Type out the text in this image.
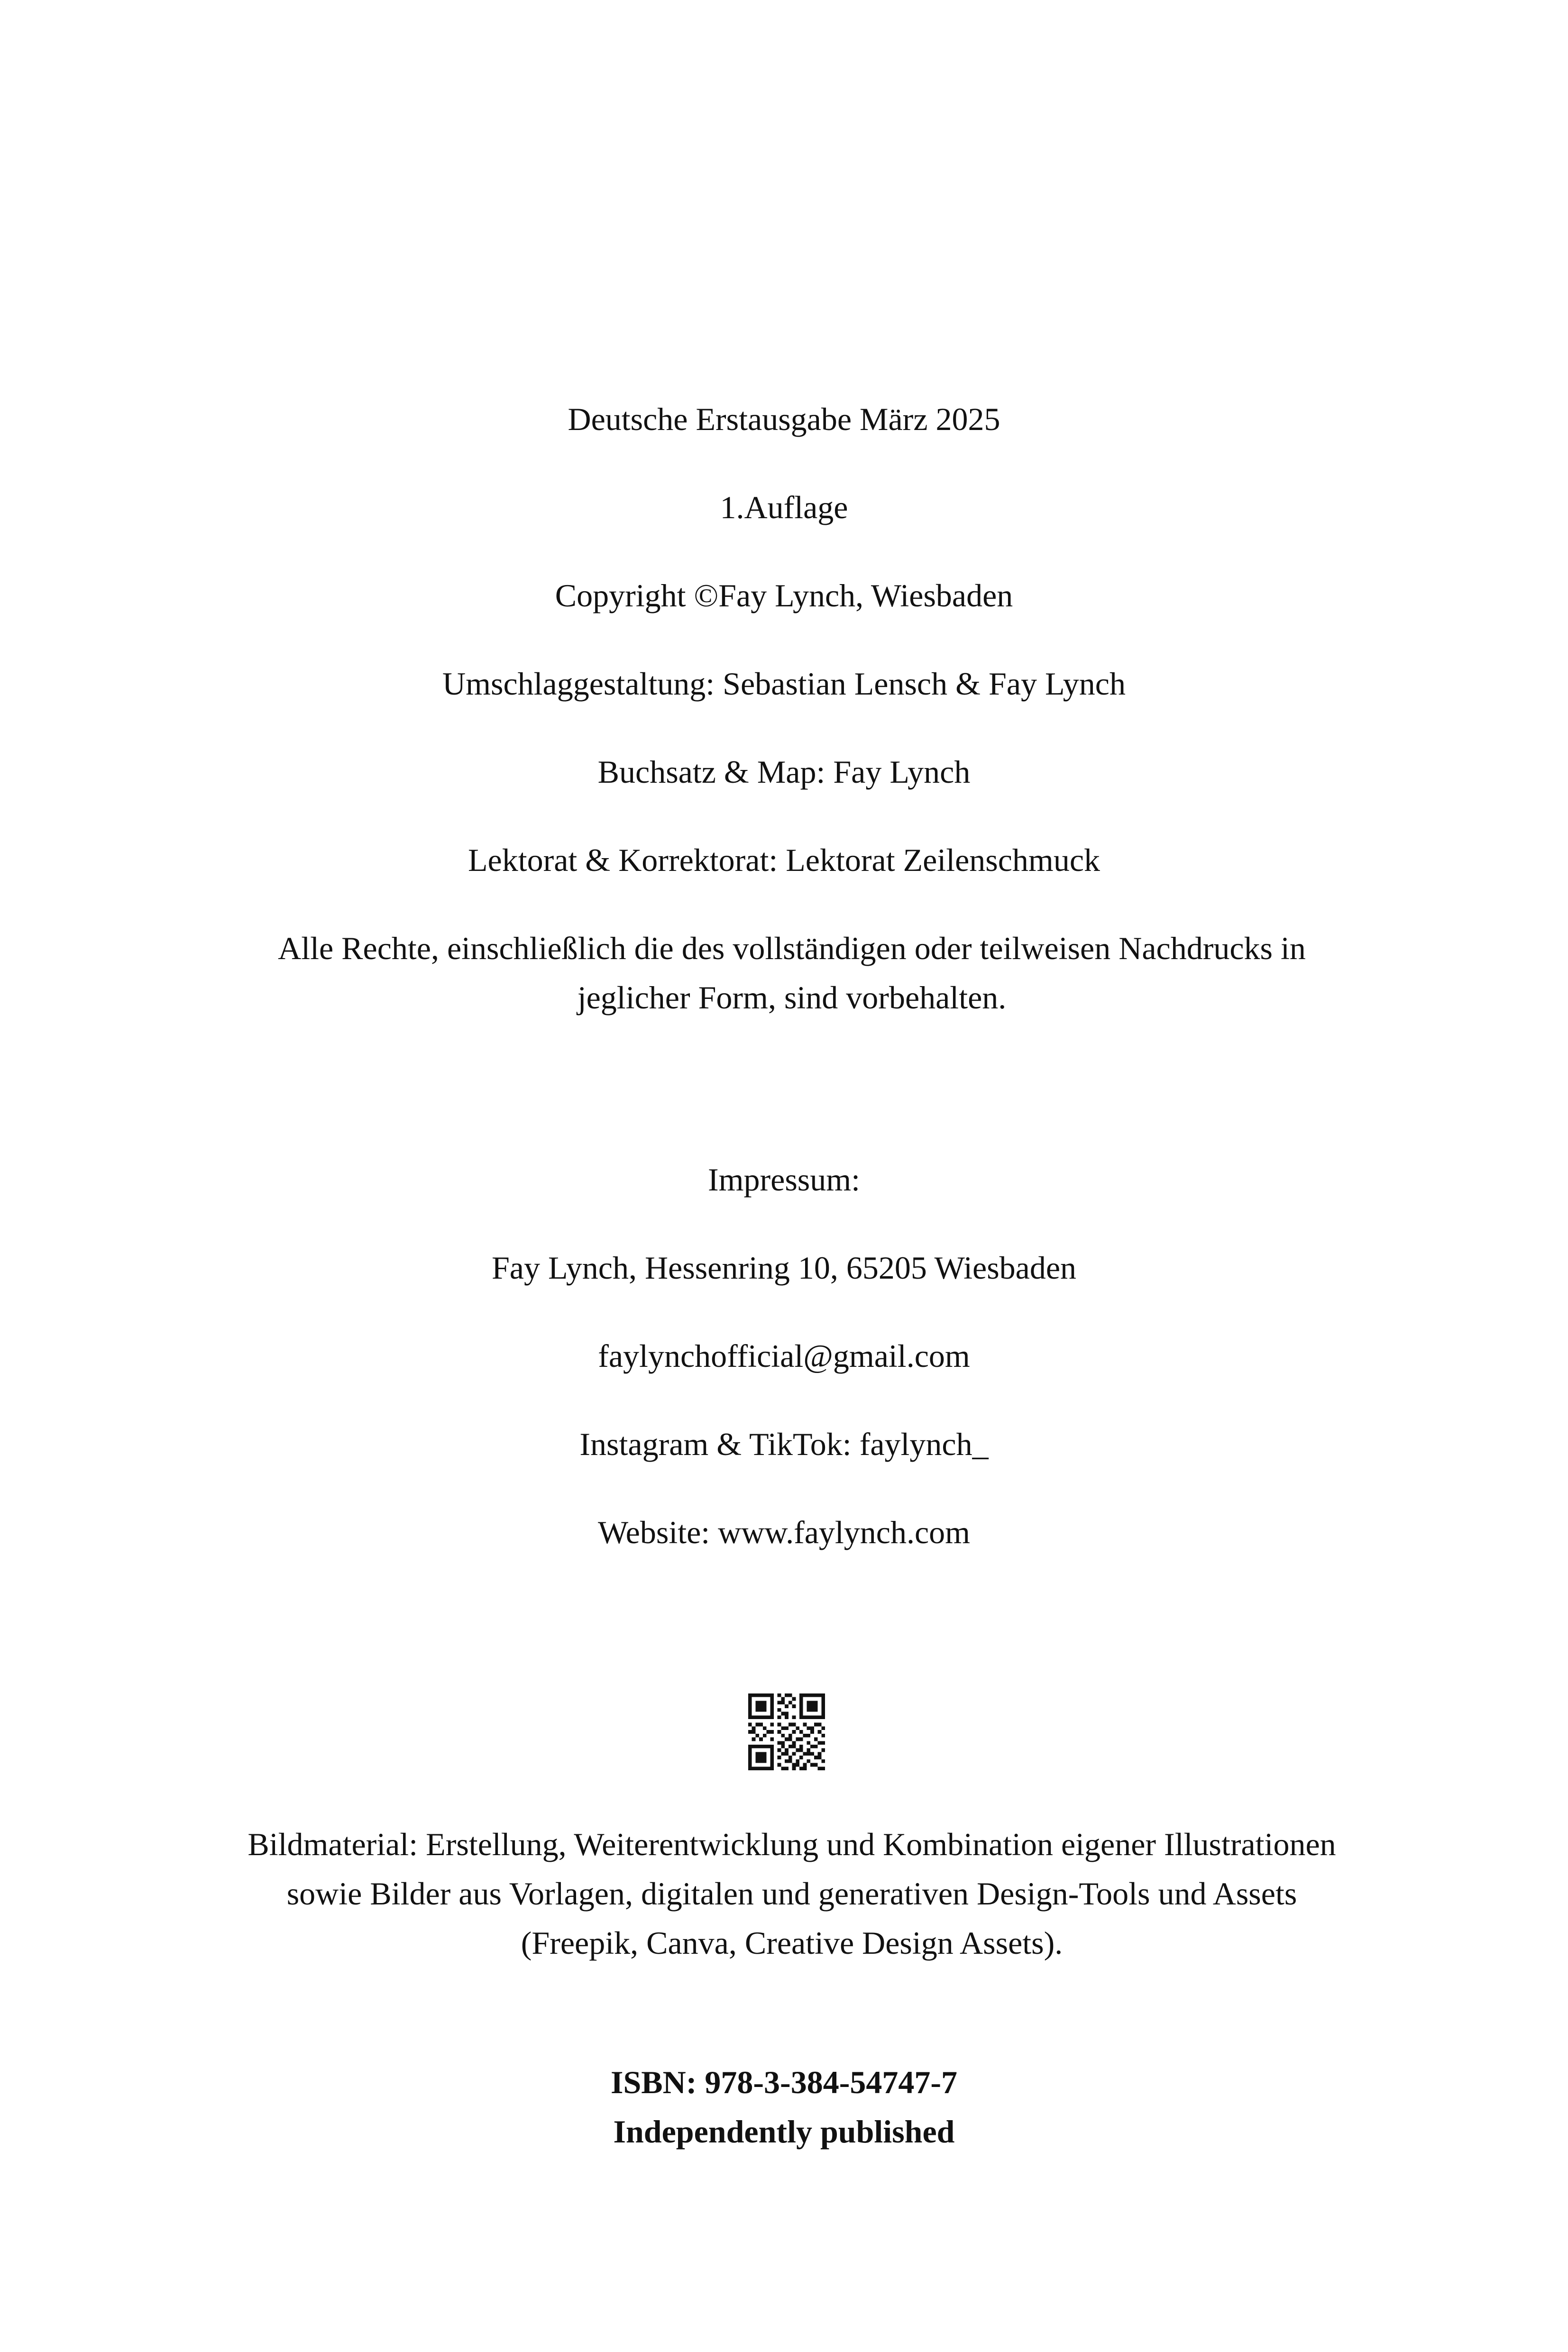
Deutsche Erstausgabe März 2025
1.Auflage
Copyright ©Fay Lynch, Wiesbaden
Umschlaggestaltung: Sebastian Lensch & Fay Lynch
Buchsatz & Map: Fay Lynch
Lektorat & Korrektorat: Lektorat Zeilenschmuck
Alle Rechte, einschließlich die des vollständigen oder teilweisen Nachdrucks in jeglicher Form, sind vorbehalten.
Impressum:
Fay Lynch, Hessenring 10, 65205 Wiesbaden
faylynchofficial@gmail.com
Instagram & TikTok: faylynch_
Website: www.faylynch.com
Bildmaterial: Erstellung, Weiterentwicklung und Kombination eigener Illustrationen sowie Bilder aus Vorlagen, digitalen und generativen Design-Tools und Assets (Freepik, Canva, Creative Design Assets).
ISBN: 978-3-384-54747-7
Independently published
